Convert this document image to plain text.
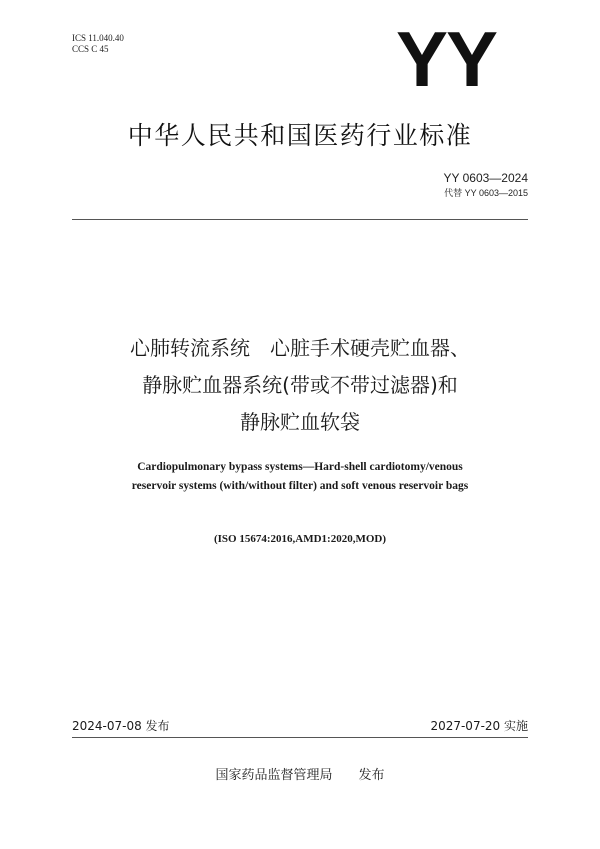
ICS 11.040.40
CCS C 45	YY
中华人民共和国医药行业标准
YY 0603—2024
代替 YY 0603—2015
心肺转流系统　心脏手术硬壳贮血器、
静脉贮血器系统(带或不带过滤器)和
静脉贮血软袋
Cardiopulmonary bypass systems—Hard-shell cardiotomy/venous
reservoir systems (with/without filter) and soft venous reservoir bags
(ISO 15674:2016,AMD1:2020,MOD)
2024-07-08 发布	2027-07-20 实施
国家药品监督管理局 发布
